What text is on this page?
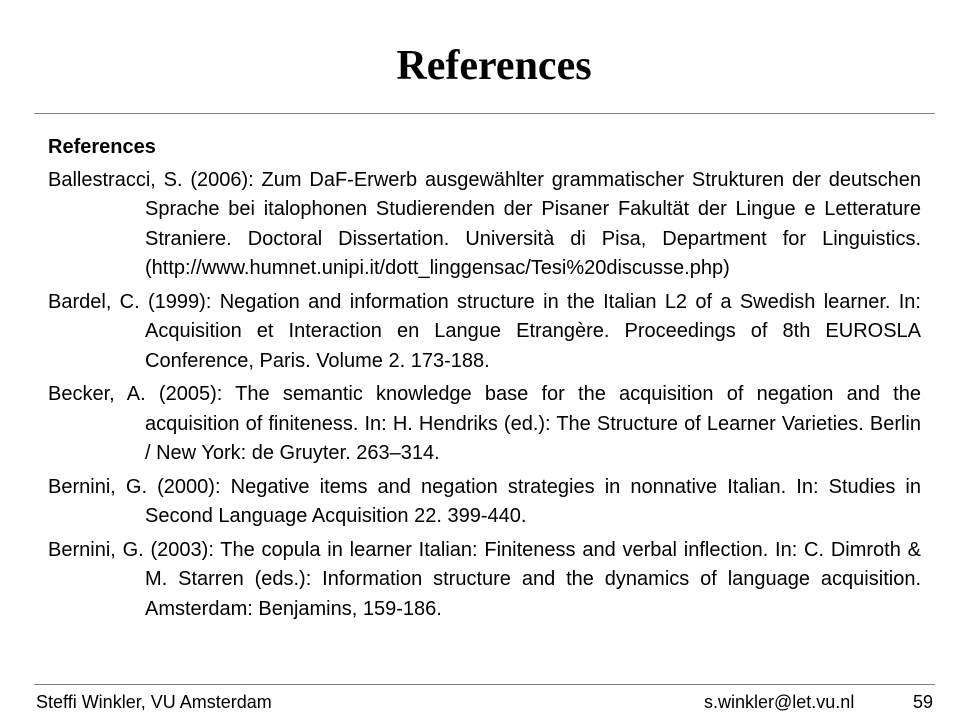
References

References

Ballestracci, S. (2006): Zum DaF-Erwerb ausgewählter grammatischer Strukturen der deutschen Sprache bei italophonen Studierenden der Pisaner Fakultät der Lingue e Letterature Straniere. Doctoral Dissertation. Università di Pisa, Department for Linguistics. (http://www.humnet.unipi.it/dott_linggensac/Tesi%20discusse.php)

Bardel, C. (1999): Negation and information structure in the Italian L2 of a Swedish learner. In: Acquisition et Interaction en Langue Etrangère. Proceedings of 8th EUROSLA Conference, Paris. Volume 2. 173-188.

Becker, A. (2005): The semantic knowledge base for the acquisition of negation and the acquisition of finiteness. In: H. Hendriks (ed.): The Structure of Learner Varieties. Berlin / New York: de Gruyter. 263–314.

Bernini, G. (2000): Negative items and negation strategies in nonnative Italian. In: Studies in Second Language Acquisition 22. 399-440.

Bernini, G. (2003): The copula in learner Italian: Finiteness and verbal inflection. In: C. Dimroth & M. Starren (eds.): Information structure and the dynamics of language acquisition. Amsterdam: Benjamins, 159-186.

Steffi Winkler, VU Amsterdam	s.winkler@let.vu.nl	59
